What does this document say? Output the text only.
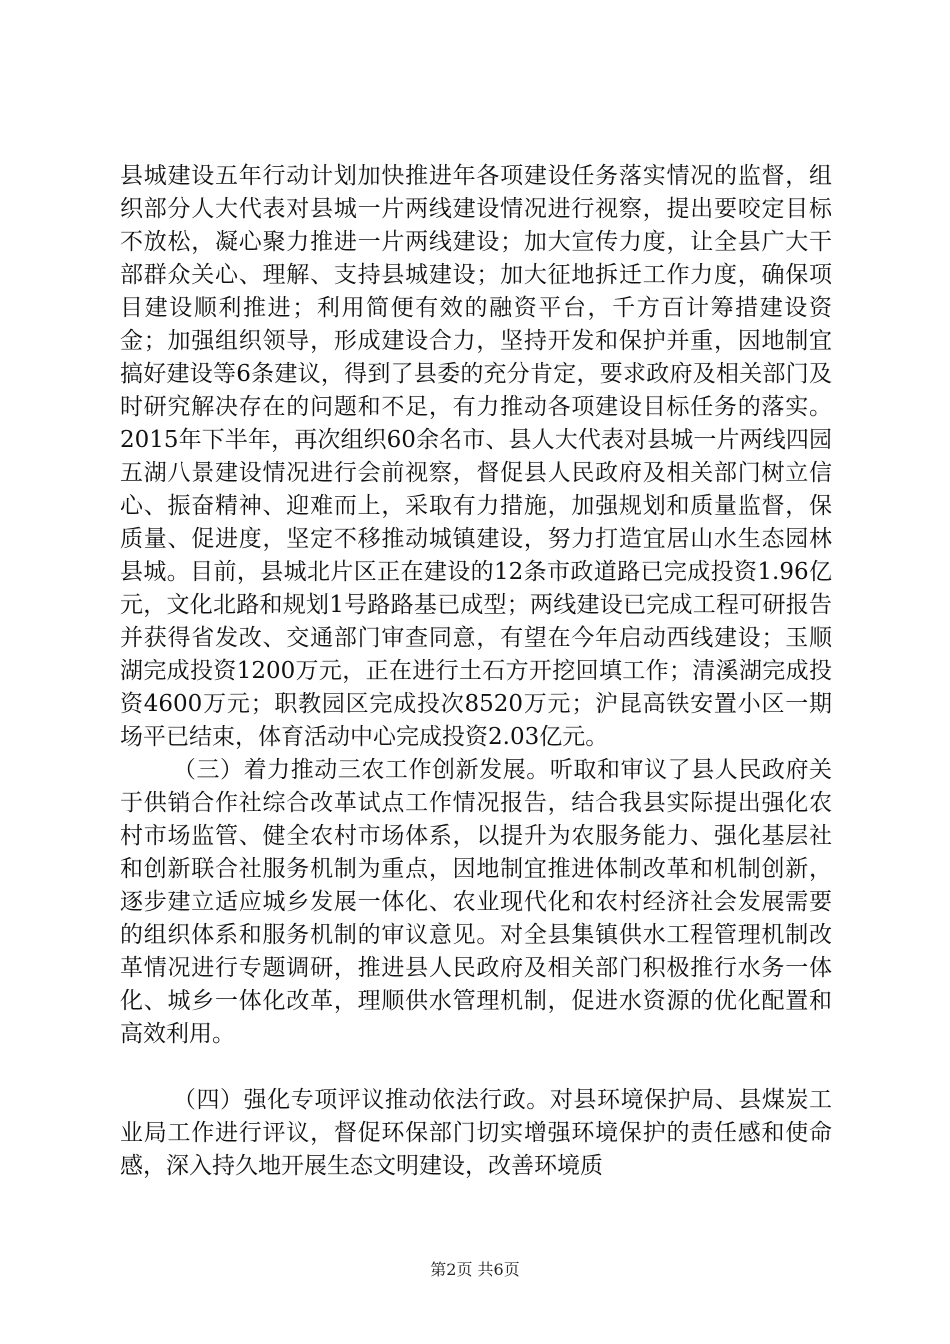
县城建设五年行动计划加快推进年各项建设任务落实情况的监督，组织部分人大代表对县城一片两线建设情况进行视察，提出要咬定目标不放松，凝心聚力推进一片两线建设；加大宣传力度，让全县广大干部群众关心、理解、支持县城建设；加大征地拆迁工作力度，确保项目建设顺利推进；利用简便有效的融资平台，千方百计筹措建设资金；加强组织领导，形成建设合力，坚持开发和保护并重，因地制宜搞好建设等6条建议，得到了县委的充分肯定，要求政府及相关部门及时研究解决存在的问题和不足，有力推动各项建设目标任务的落实。2015年下半年，再次组织60余名市、县人大代表对县城一片两线四园五湖八景建设情况进行会前视察，督促县人民政府及相关部门树立信心、振奋精神、迎难而上，采取有力措施，加强规划和质量监督，保质量、促进度，坚定不移推动城镇建设，努力打造宜居山水生态园林县城。目前，县城北片区正在建设的12条市政道路已完成投资1.96亿元，文化北路和规划1号路路基已成型；两线建设已完成工程可研报告并获得省发改、交通部门审查同意，有望在今年启动西线建设；玉顺湖完成投资1200万元，正在进行土石方开挖回填工作；清溪湖完成投资4600万元；职教园区完成投次8520万元；沪昆高铁安置小区一期场平已结束，体育活动中心完成投资2.03亿元。

（三）着力推动三农工作创新发展。听取和审议了县人民政府关于供销合作社综合改革试点工作情况报告，结合我县实际提出强化农村市场监管、健全农村市场体系，以提升为农服务能力、强化基层社和创新联合社服务机制为重点，因地制宜推进体制改革和机制创新，逐步建立适应城乡发展一体化、农业现代化和农村经济社会发展需要的组织体系和服务机制的审议意见。对全县集镇供水工程管理机制改革情况进行专题调研，推进县人民政府及相关部门积极推行水务一体化、城乡一体化改革，理顺供水管理机制，促进水资源的优化配置和高效利用。

（四）强化专项评议推动依法行政。对县环境保护局、县煤炭工业局工作进行评议，督促环保部门切实增强环境保护的责任感和使命感，深入持久地开展生态文明建设，改善环境质

第2页 共6页
